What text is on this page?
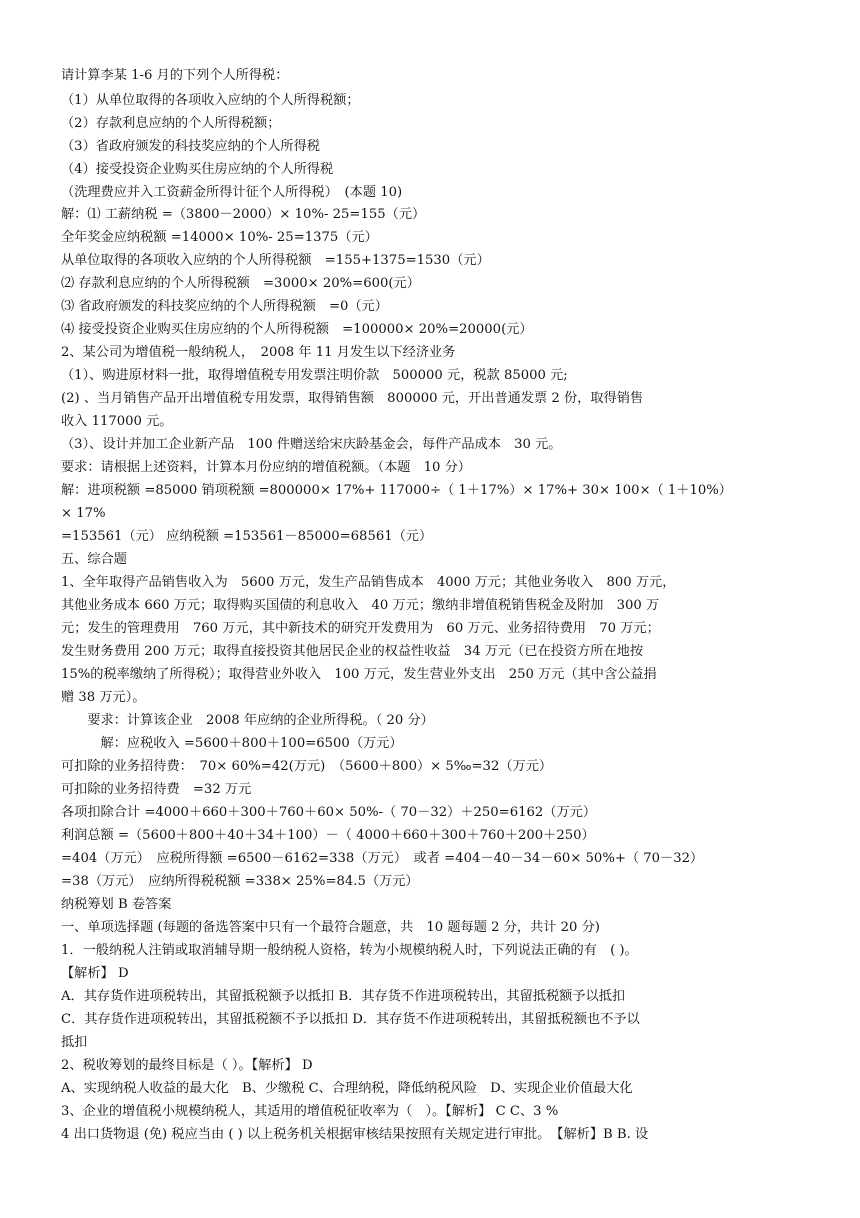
请计算李某 1-6 月的下列个人所得税：
（1）从单位取得的各项收入应纳的个人所得税额；
（2）存款利息应纳的个人所得税额；
（3）省政府颁发的科技奖应纳的个人所得税
（4）接受投资企业购买住房应纳的个人所得税
（洗理费应并入工资薪金所得计征个人所得税）　(本题 10)
解：⑴ 工薪纳税 =（3800－2000）× 10%- 25=155（元）
全年奖金应纳税额 =14000× 10%- 25=1375（元）
从单位取得的各项收入应纳的个人所得税额　=155+1375=1530（元）
⑵ 存款利息应纳的个人所得税额　=3000× 20%=600(元）
⑶ 省政府颁发的科技奖应纳的个人所得税额　=0（元）
⑷ 接受投资企业购买住房应纳的个人所得税额　=100000× 20%=20000(元）
2、某公司为增值税一般纳税人，　2008 年 11 月发生以下经济业务
（1）、购进原材料一批，取得增值税专用发票注明价款　500000 元，税款 85000 元;
(2) 、当月销售产品开出增值税专用发票，取得销售额　800000 元，开出普通发票 2 份，取得销售
收入 117000 元。
（3）、设计并加工企业新产品　100 件赠送给宋庆龄基金会，每件产品成本　30 元。
要求：请根据上述资料，计算本月份应纳的增值税额。（本题　10 分）
解：进项税额 =85000 销项税额 =800000× 17%+ 117000÷（ 1＋17%）× 17%+ 30× 100×（ 1＋10%）
× 17%
=153561（元） 应纳税额 =153561－85000=68561（元）
五、综合题
1、全年取得产品销售收入为　5600 万元，发生产品销售成本　4000 万元；其他业务收入　800 万元，
其他业务成本 660 万元；取得购买国债的利息收入　40 万元；缴纳非增值税销售税金及附加　300 万
元；发生的管理费用　760 万元，其中新技术的研究开发费用为　60 万元、业务招待费用　70 万元；
发生财务费用 200 万元；取得直接投资其他居民企业的权益性收益　34 万元（已在投资方所在地按
15%的税率缴纳了所得税）；取得营业外收入　100 万元，发生营业外支出　250 万元（其中含公益捐
赠 38 万元）。
　　要求：计算该企业　2008 年应纳的企业所得税。（ 20 分）
　　　解：应税收入 =5600＋800＋100=6500（万元）
可扣除的业务招待费：　70× 60%=42(万元)　（5600＋800）× 5‰=32（万元）
可扣除的业务招待费　=32 万元
各项扣除合计 =4000＋660＋300＋760＋60× 50%-（ 70－32）＋250=6162（万元）
利润总额 =（5600＋800＋40＋34＋100）－（ 4000＋660＋300＋760＋200＋250）
=404（万元）　应税所得额 =6500－6162=338（万元）　或者 =404－40－34－60× 50%+（ 70－32）
=38（万元）　应纳所得税税额 =338× 25%=84.5（万元）
纳税筹划 B 卷答案
一、单项选择题 (每题的备选答案中只有一个最符合题意，共　10 题每题 2 分，共计 20 分)
1．一般纳税人注销或取消辅导期一般纳税人资格，转为小规模纳税人时，下列说法正确的有　( )。
【解析】 D
A．其存货作进项税转出，其留抵税额予以抵扣 B．其存货不作进项税转出，其留抵税额予以抵扣
C．其存货作进项税转出，其留抵税额不予以抵扣 D．其存货不作进项税转出，其留抵税额也不予以
抵扣
2、税收筹划的最终目标是（ ）。【解析】 D
A、实现纳税人收益的最大化　B、少缴税 C、合理纳税，降低纳税风险　D、实现企业价值最大化
3、企业的增值税小规模纳税人，其适用的增值税征收率为（　）。【解析】 C C、3 %
4 出口货物退 (免) 税应当由 ( ) 以上税务机关根据审核结果按照有关规定进行审批。　【解析】B B. 设
